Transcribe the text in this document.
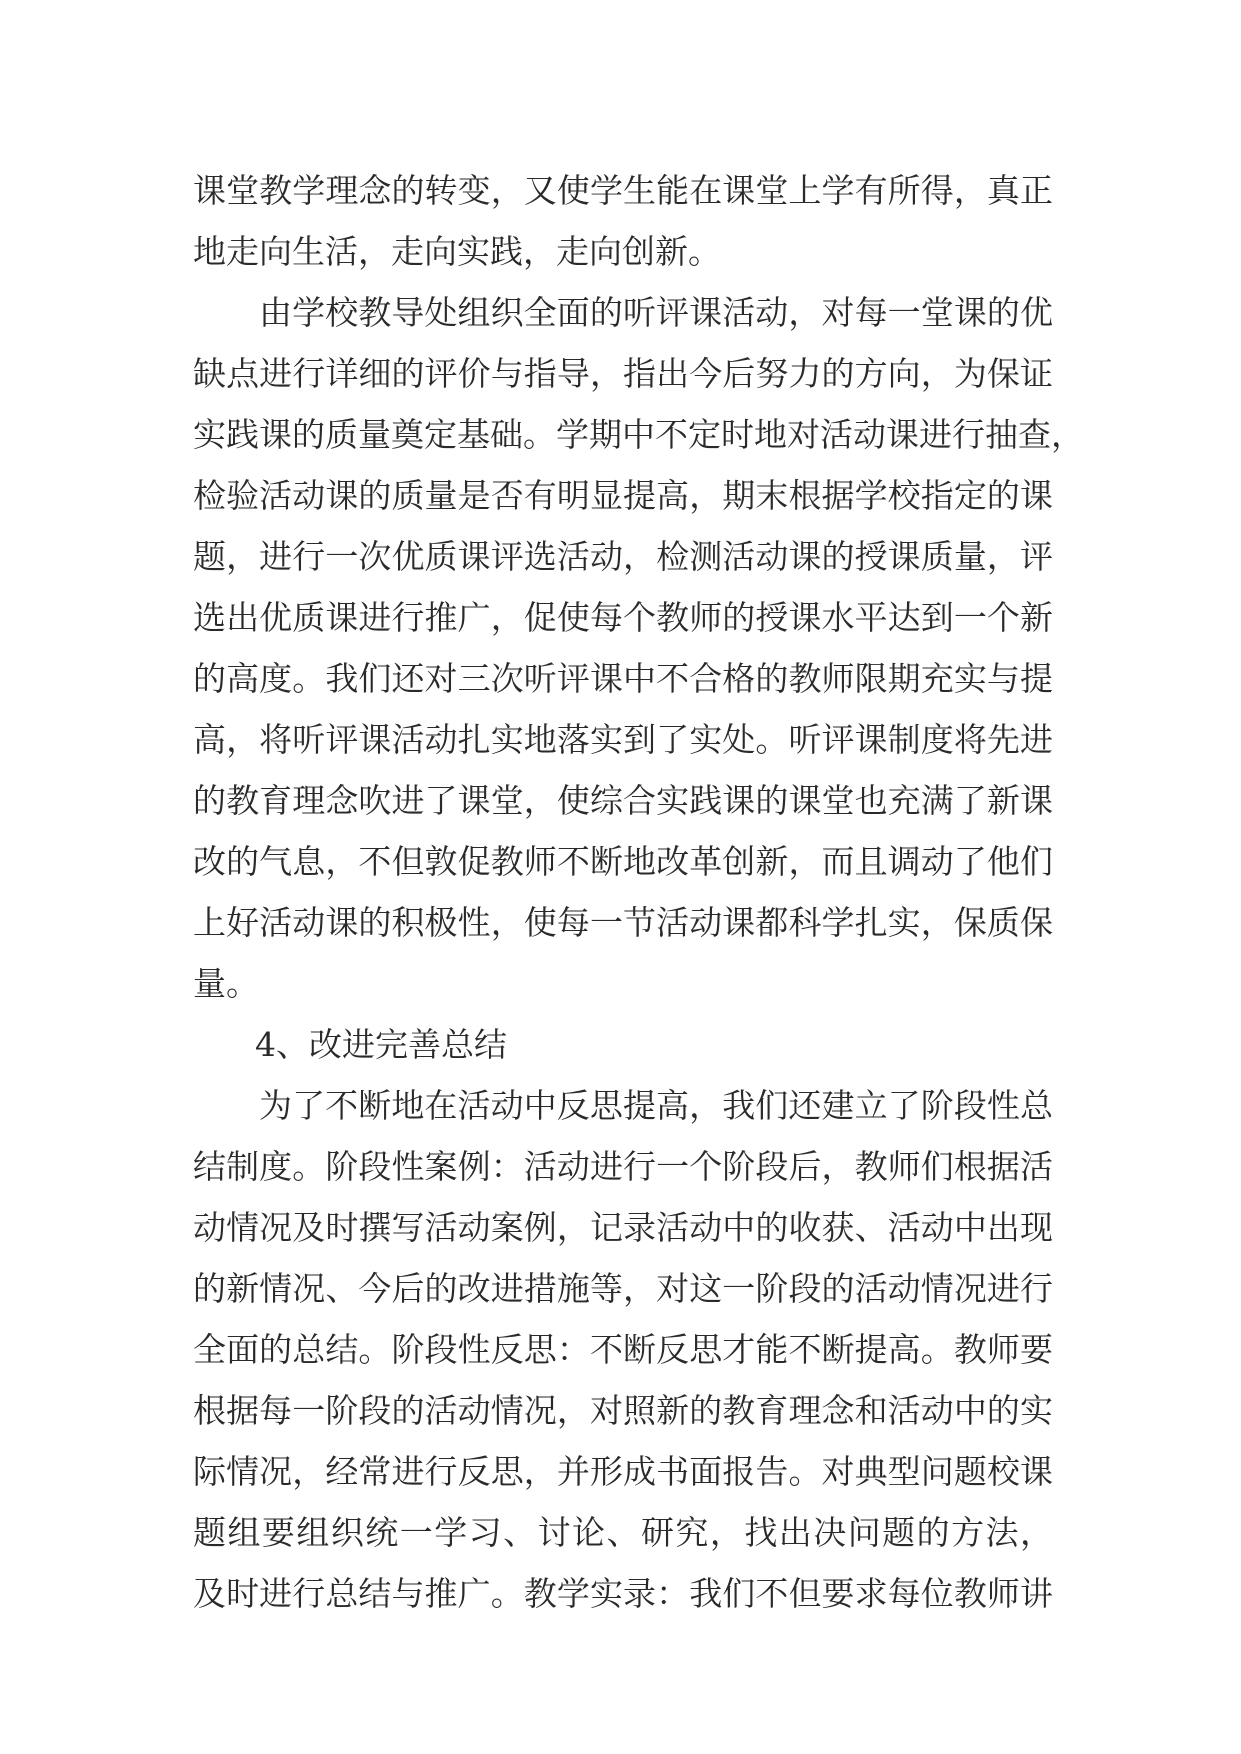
课堂教学理念的转变，又使学生能在课堂上学有所得，真正
地走向生活，走向实践，走向创新。
由学校教导处组织全面的听评课活动，对每一堂课的优
缺点进行详细的评价与指导，指出今后努力的方向，为保证
实践课的质量奠定基础。学期中不定时地对活动课进行抽查，
检验活动课的质量是否有明显提高，期末根据学校指定的课
题，进行一次优质课评选活动，检测活动课的授课质量，评
选出优质课进行推广，促使每个教师的授课水平达到一个新
的高度。我们还对三次听评课中不合格的教师限期充实与提
高，将听评课活动扎实地落实到了实处。听评课制度将先进
的教育理念吹进了课堂，使综合实践课的课堂也充满了新课
改的气息，不但敦促教师不断地改革创新，而且调动了他们
上好活动课的积极性，使每一节活动课都科学扎实，保质保
量。
4、改进完善总结
为了不断地在活动中反思提高，我们还建立了阶段性总
结制度。阶段性案例：活动进行一个阶段后，教师们根据活
动情况及时撰写活动案例，记录活动中的收获、活动中出现
的新情况、今后的改进措施等，对这一阶段的活动情况进行
全面的总结。阶段性反思：不断反思才能不断提高。教师要
根据每一阶段的活动情况，对照新的教育理念和活动中的实
际情况，经常进行反思，并形成书面报告。对典型问题校课
题组要组织统一学习、讨论、研究，找出决问题的方法，
及时进行总结与推广。教学实录：我们不但要求每位教师讲
